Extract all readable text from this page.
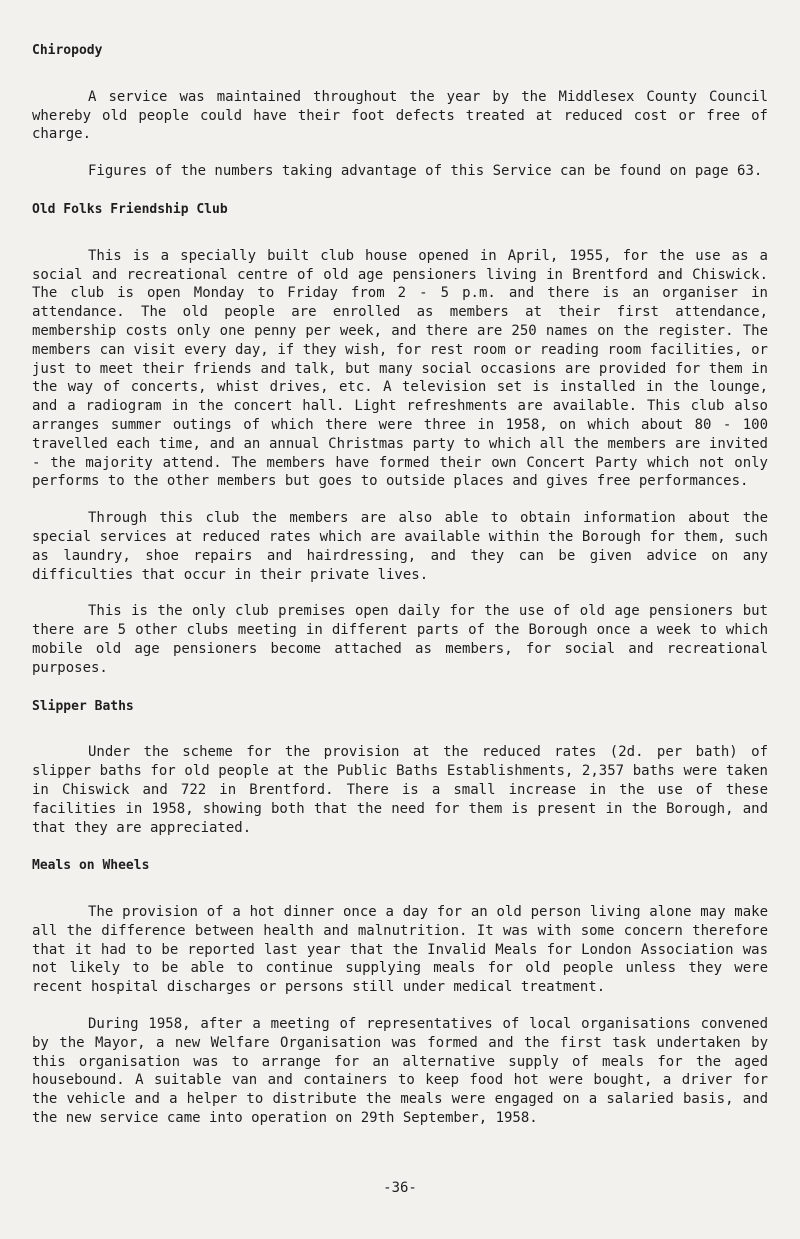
Chiropody

A service was maintained throughout the year by the Middlesex County Council whereby old people could have their foot defects treated at reduced cost or free of charge.

Figures of the numbers taking advantage of this Service can be found on page 63.

Old Folks Friendship Club

This is a specially built club house opened in April, 1955, for the use as a social and recreational centre of old age pensioners living in Brentford and Chiswick. The club is open Monday to Friday from 2 - 5 p.m. and there is an organiser in attendance. The old people are enrolled as members at their first attendance, membership costs only one penny per week, and there are 250 names on the register. The members can visit every day, if they wish, for rest room or reading room facilities, or just to meet their friends and talk, but many social occasions are provided for them in the way of concerts, whist drives, etc. A television set is installed in the lounge, and a radiogram in the concert hall. Light refreshments are available. This club also arranges summer outings of which there were three in 1958, on which about 80 - 100 travelled each time, and an annual Christmas party to which all the members are invited - the majority attend. The members have formed their own Concert Party which not only performs to the other members but goes to outside places and gives free performances.

Through this club the members are also able to obtain information about the special services at reduced rates which are available within the Borough for them, such as laundry, shoe repairs and hairdressing, and they can be given advice on any difficulties that occur in their private lives.

This is the only club premises open daily for the use of old age pensioners but there are 5 other clubs meeting in different parts of the Borough once a week to which mobile old age pensioners become attached as members, for social and recreational purposes.

Slipper Baths

Under the scheme for the provision at the reduced rates (2d. per bath) of slipper baths for old people at the Public Baths Establishments, 2,357 baths were taken in Chiswick and 722 in Brentford. There is a small increase in the use of these facilities in 1958, showing both that the need for them is present in the Borough, and that they are appreciated.

Meals on Wheels

The provision of a hot dinner once a day for an old person living alone may make all the difference between health and malnutrition. It was with some concern therefore that it had to be reported last year that the Invalid Meals for London Association was not likely to be able to continue supplying meals for old people unless they were recent hospital discharges or persons still under medical treatment.

During 1958, after a meeting of representatives of local organisations convened by the Mayor, a new Welfare Organisation was formed and the first task undertaken by this organisation was to arrange for an alternative supply of meals for the aged housebound. A suitable van and containers to keep food hot were bought, a driver for the vehicle and a helper to distribute the meals were engaged on a salaried basis, and the new service came into operation on 29th September, 1958.

-36-
